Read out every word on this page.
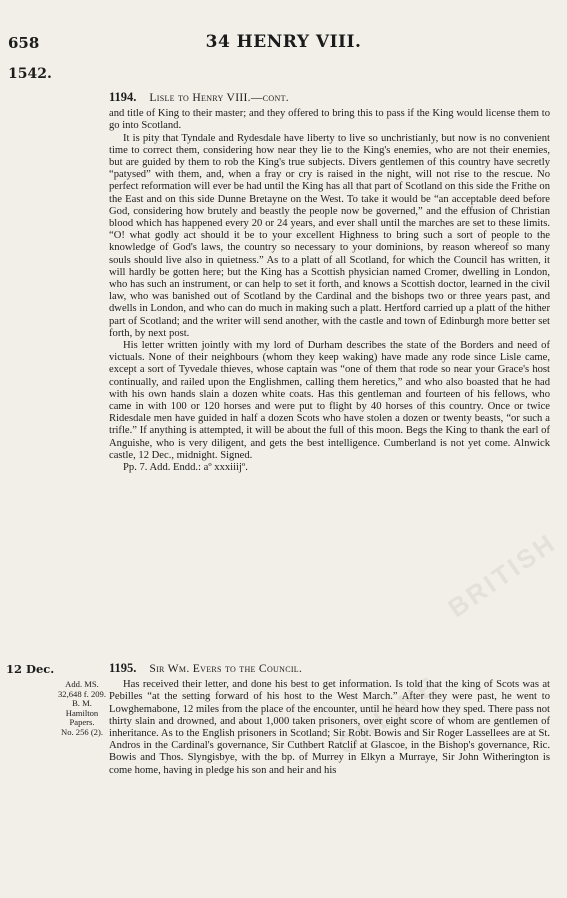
ONLINE
BRITISH
658	34 HENRY VIII.
1542.
1194. Lisle to Henry VIII.—cont.

and title of King to their master; and they offered to bring this to pass if the King would license them to go into Scotland.

It is pity that Tyndale and Rydesdale have liberty to live so unchristianly, but now is no convenient time to correct them, considering how near they lie to the King's enemies, who are not their enemies, but are guided by them to rob the King's true subjects. Divers gentlemen of this country have secretly “patysed” with them, and, when a fray or cry is raised in the night, will not rise to the rescue. No perfect reformation will ever be had until the King has all that part of Scotland on this side the Frithe on the East and on this side Dunne Bretayne on the West. To take it would be “an acceptable deed before God, considering how brutely and beastly the people now be governed,” and the effusion of Christian blood which has happened every 20 or 24 years, and ever shall until the marches are set to these limits. “O! what godly act should it be to your excellent Highness to bring such a sort of people to the knowledge of God's laws, the country so necessary to your dominions, by reason whereof so many souls should live also in quietness.” As to a platt of all Scotland, for which the Council has written, it will hardly be gotten here; but the King has a Scottish physician named Cromer, dwelling in London, who has such an instrument, or can help to set it forth, and knows a Scottish doctor, learned in the civil law, who was banished out of Scotland by the Cardinal and the bishops two or three years past, and dwells in London, and who can do much in making such a platt. Hertford carried up a platt of the hither part of Scotland; and the writer will send another, with the castle and town of Edinburgh more better set forth, by next post.

His letter written jointly with my lord of Durham describes the state of the Borders and need of victuals. None of their neighbours (whom they keep waking) have made any rode since Lisle came, except a sort of Tyvedale thieves, whose captain was “one of them that rode so near your Grace's host continually, and railed upon the Englishmen, calling them heretics,” and who also boasted that he had with his own hands slain a dozen white coats. Has this gentleman and fourteen of his fellows, who came in with 100 or 120 horses and were put to flight by 40 horses of this country. Once or twice Ridesdale men have guided in half a dozen Scots who have stolen a dozen or twenty beasts, “or such a trifle.” If anything is attempted, it will be about the full of this moon. Begs the King to thank the earl of Anguishe, who is very diligent, and gets the best intelligence. Cumberland is not yet come. Alnwick castle, 12 Dec., midnight. Signed.

Pp. 7. Add. Endd.: aº xxxiiijº.

12 Dec.
Add. MS.
32,648 f. 209.
B. M.
Hamilton
Papers.
No. 256 (2).
1195. Sir Wm. Evers to the Council.

Has received their letter, and done his best to get information. Is told that the king of Scots was at Pebilles “at the setting forward of his host to the West March.” After they were past, he went to Lowghemabone, 12 miles from the place of the encounter, until he heard how they sped. There pass not thirty slain and drowned, and about 1,000 taken prisoners, over eight score of whom are gentlemen of inheritance. As to the English prisoners in Scotland; Sir Robt. Bowis and Sir Roger Lassellees are at St. Andros in the Cardinal's governance, Sir Cuthbert Ratclif at Glascoe, in the Bishop's governance, Ric. Bowis and Thos. Slyngisbye, with the bp. of Murrey in Elkyn a Murraye, Sir John Witherington is come home, having in pledge his son and heir and his
